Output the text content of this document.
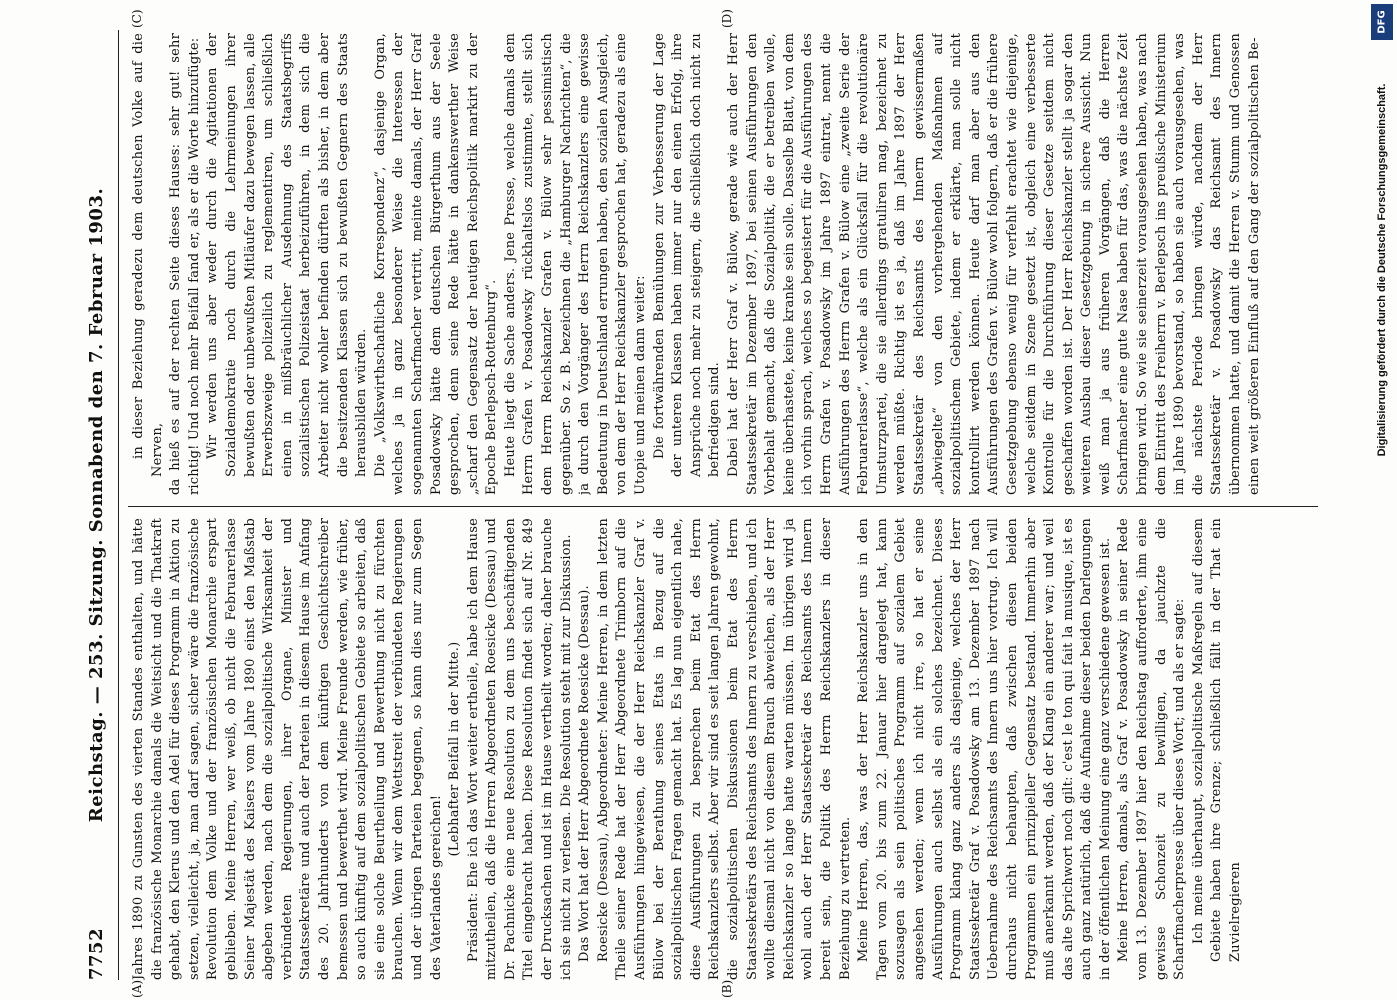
7752
Reichstag. — 253. Sitzung. Sonnabend den 7. Februar 1903. Jahres 1890 zu Gunsten des vierten Standes enthalten, und hätte die französische Monarchie damals die Weitsicht und die Thatkraft gehabt, den Klerus und den Adel für dieses Programm in Aktion zu setzen, vielleicht, ja, man darf sagen, sicher wäre die französische Revolution dem Volke und der französischen Monarchie erspart geblieben. Meine Herren, wer weiß, ob nicht die Februarerlasse Seiner Majestät des Kaisers vom Jahre 1890 einst den Maßstab abgeben werden, nach dem die sozialpolitische Wirksamkeit der verbündeten Regierungen, ihrer Organe, Minister und Staatssekretäre und auch der Parteien in diesem Hause im Anfang des 20. Jahrhunderts von dem künftigen Geschichtschreiber bemessen und bewerthet wird. Meine Freunde werden, wie früher, so auch künftig auf dem sozialpolitischen Gebiete so arbeiten, daß sie eine solche Beurtheilung und Bewerthung nicht zu fürchten brauchen. Wenn wir dem Wettstreit der verbündeten Regierungen und der übrigen Parteien begegnen, so kann dies nur zum Segen des Vaterlandes gereichen!

(Lebhafter Beifall in der Mitte.) Präsident: Ehe ich das Wort weiter ertheile, habe ich dem Hause mitzutheilen, daß die Herren Abgeordneten Roesicke (Dessau) und Dr. Pachnicke eine neue Resolution zu dem uns beschäftigenden Titel eingebracht haben. Diese Resolution findet sich auf Nr. 849 der Drucksachen und ist im Hause vertheilt worden; daher brauche ich sie nicht zu verlesen. Die Resolution steht mit zur Diskussion. Das Wort hat der Herr Abgeordnete Roesicke (Dessau). Roesicke (Dessau), Abgeordneter: Meine Herren, in dem letzten Theile seiner Rede hat der Herr Abgeordnete Trimborn auf die Ausführungen hingewiesen, die der Herr Reichskanzler Graf v. Bülow bei der Berathung seines Etats in Bezug auf die sozialpolitischen Fragen gemacht hat. Es lag nun eigentlich nahe, diese Ausführungen zu besprechen beim Etat des Herrn Reichskanzlers selbst. Aber wir sind es seit langen Jahren gewohnt, die sozialpolitischen Diskussionen beim Etat des Herrn Staatssekretärs des Reichsamts des Innern zu verschieben, und ich wollte diesmal nicht von diesem Brauch abweichen, als der Herr Reichskanzler so lange hatte warten müssen. Im übrigen wird ja wohl auch der Herr Staatssekretär des Reichsamts des Innern bereit sein, die Politik des Herrn Reichskanzlers in dieser Beziehung zu vertreten. Meine Herren, das, was der Herr Reichskanzler uns in den Tagen vom 20. bis zum 22. Januar hier dargelegt hat, kann sozusagen als sein politisches Programm auf sozialem Gebiet angesehen werden; wenn ich nicht irre, so hat er seine Ausführungen auch selbst als ein solches bezeichnet. Dieses Programm klang ganz anders als dasjenige, welches der Herr Staatssekretär Graf v. Posadowsky am 13. Dezember 1897 nach Uebernahme des Reichsamts des Innern uns hier vortrug. Ich will durchaus nicht behaupten, daß zwischen diesen beiden Programmen ein prinzipieller Gegensatz bestand. Immerhin aber muß anerkannt werden, daß der Klang ein anderer war; und weil das alte Sprichwort noch gilt: c'est le ton qui fait la musique, ist es auch ganz natürlich, daß die Aufnahme dieser beiden Darlegungen in der öffentlichen Meinung eine ganz verschiedene gewesen ist. Meine Herren, damals, als Graf v. Posadowsky in seiner Rede vom 13. Dezember 1897 hier den Reichstag aufforderte, ihm eine gewisse Schonzeit zu bewilligen, da jauchzte die Scharfmacherpresse über dieses Wort; und als er sagte: Ich meine überhaupt, sozialpolitische Maßregeln auf diesem Gebiete haben ihre Grenze; schließlich fällt in der That ein Zuvielregieren

in dieser Beziehung geradezu dem deutschen Volke auf die Nerven, da hieß es auf der rechten Seite dieses Hauses: sehr gut! sehr richtig! Und noch mehr Beifall fand er, als er die Worte hinzufügte: Wir werden uns aber weder durch die Agitationen der Sozialdemokratie noch durch die Lehrmeinungen ihrer bewußten oder unbewußten Mitläufer dazu bewegen lassen, alle Erwerbszweige polizeilich zu reglementiren, um schließlich einen in mißbräuchlicher Ausdehnung des Staatsbegriffs sozialistischen Polizeistaat herbeizuführen, in dem sich die Arbeiter nicht wohler befinden dürften als bisher, in dem aber die besitzenden Klassen sich zu bewußten Gegnern des Staats herausbilden würden. Die „Volkswirthschaftliche Korrespondenz“, dasjenige Organ, welches ja in ganz besonderer Weise die Interessen der sogenannten Scharfmacher vertritt, meinte damals, der Herr Graf Posadowsky hätte dem deutschen Bürgerthum aus der Seele gesprochen, denn seine Rede hätte in dankenswerther Weise „scharf den Gegensatz der heutigen Reichspolitik markirt zu der Epoche Berlepsch-Rottenburg“. Heute liegt die Sache anders. Jene Presse, welche damals dem Herrn Grafen v. Posadowsky rückhaltslos zustimmte, stellt sich dem Herrn Reichskanzler Grafen v. Bülow sehr pessimistisch gegenüber. So z. B. bezeichnen die „Hamburger Nachrichten“, die ja durch den Vorgänger des Herrn Reichskanzlers eine gewisse Bedeutung in Deutschland errungen haben, den sozialen Ausgleich, von dem der Herr Reichskanzler gesprochen hat, geradezu als eine Utopie und meinen dann weiter: Die fortwährenden Bemühungen zur Verbesserung der Lage der unteren Klassen haben immer nur den einen Erfolg, ihre Ansprüche noch mehr zu steigern, die schließlich doch nicht zu befriedigen sind. Dabei hat der Herr Graf v. Bülow, gerade wie auch der Herr Staatssekretär im Dezember 1897, bei seinen Ausführungen den Vorbehalt gemacht, daß die Sozialpolitik, die er betreiben wolle, keine überhastete, keine kranke sein solle. Dasselbe Blatt, von dem ich vorhin sprach, welches so begeistert für die Ausführungen des Herrn Grafen v. Posadowsky im Jahre 1897 eintrat, nennt die Ausführungen des Herrn Grafen v. Bülow eine „zweite Serie der Februarerlasse“, welche als ein Glücksfall für die revolutionäre Umsturzpartei, die sie allerdings gratuliren mag, bezeichnet zu werden müßte. Richtig ist es ja, daß im Jahre 1897 der Herr Staatssekretär des Reichsamts des Innern gewissermaßen „abwiegelte“ von den vorhergehenden Maßnahmen auf sozialpolitischem Gebiete, indem er erklärte, man solle nicht kontrollirt werden können. Heute darf man aber aus den Ausführungen des Grafen v. Bülow wohl folgern, daß er die frühere Gesetzgebung ebenso wenig für verfehlt erachtet wie diejenige, welche seitdem in Szene gesetzt ist, obgleich eine verbesserte Kontrolle für die Durchführung dieser Gesetze seitdem nicht geschaffen worden ist. Der Herr Reichskanzler stellt ja sogar den weiteren Ausbau dieser Gesetzgebung in sichere Aussicht. Nun weiß man ja aus früheren Vorgängen, daß die Herren Scharfmacher eine gute Nase haben für das, was die nächste Zeit bringen wird. So wie sie seinerzeit vorausgesehen haben, was nach dem Eintritt des Freiherrn v. Berlepsch ins preußische Ministerium im Jahre 1890 bevorstand, so haben sie auch vorausgesehen, was die nächste Periode bringen würde, nachdem der Herr Staatssekretär v. Posadowsky das Reichsamt des Innern übernommen hatte, und damit die Herren v. Stumm und Genossen einen weit größeren Einfluß auf den Gang der sozialpolitischen Be-

(A)	(B)
(C)	(D)	DFG
Digitalisierung gefördert durch die Deutsche Forschungsgemeinschaft.
